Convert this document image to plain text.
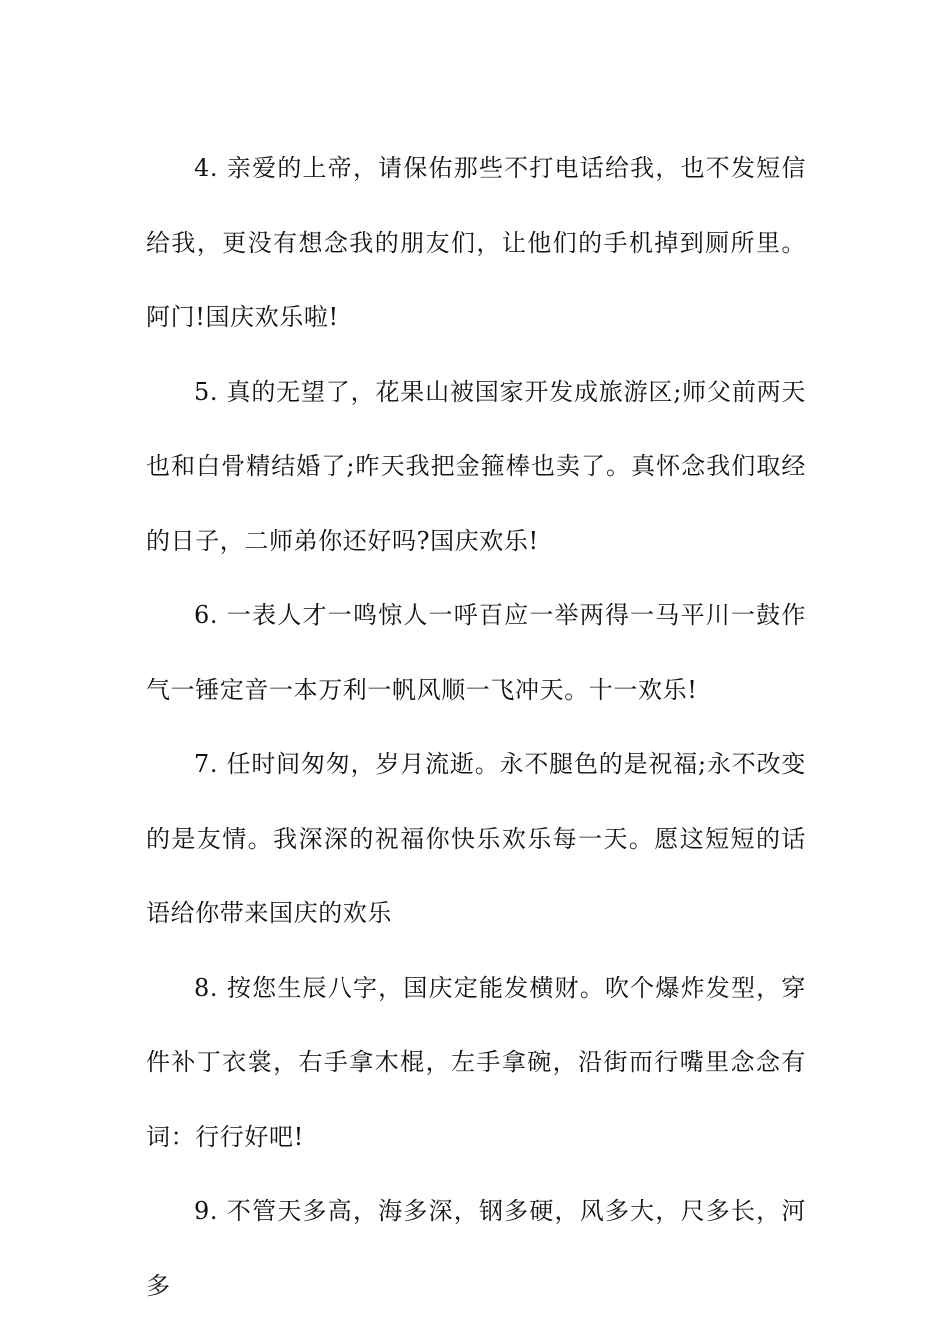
4. 亲爱的上帝，请保佑那些不打电话给我，也不发短信给我，更没有想念我的朋友们，让他们的手机掉到厕所里。阿门!国庆欢乐啦!

5. 真的无望了，花果山被国家开发成旅游区;师父前两天也和白骨精结婚了;昨天我把金箍棒也卖了。真怀念我们取经的日子，二师弟你还好吗?国庆欢乐!

6. 一表人才一鸣惊人一呼百应一举两得一马平川一鼓作气一锤定音一本万利一帆风顺一飞冲天。十一欢乐!

7. 任时间匆匆，岁月流逝。永不腿色的是祝福;永不改变的是友情。我深深的祝福你快乐欢乐每一天。愿这短短的话语给你带来国庆的欢乐

8. 按您生辰八字，国庆定能发横财。吹个爆炸发型，穿件补丁衣裳，右手拿木棍，左手拿碗，沿街而行嘴里念念有词：行行好吧!

9. 不管天多高，海多深，钢多硬，风多大，尺多长，河多
